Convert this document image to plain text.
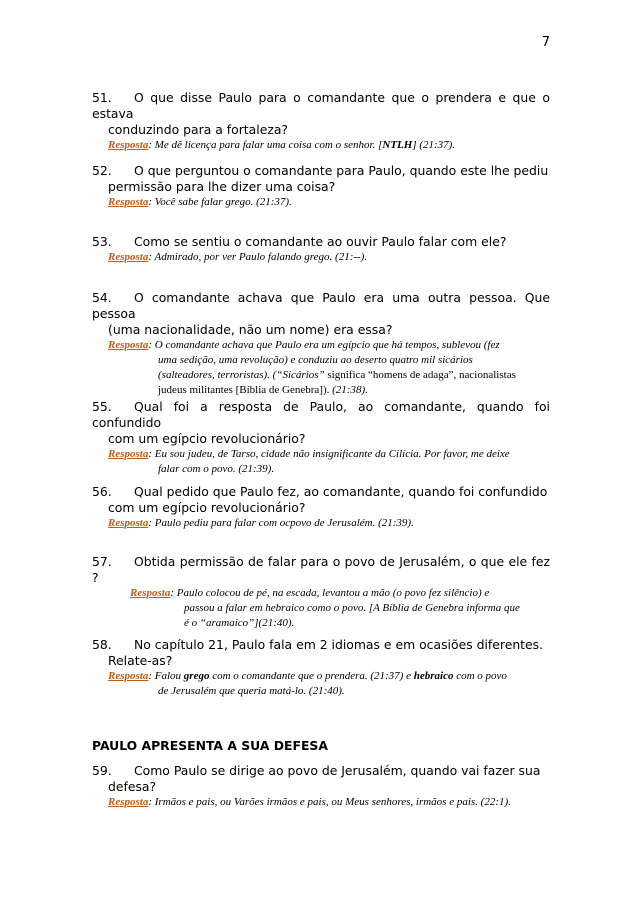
7
51. O que disse Paulo para o comandante que o prendera e que o estava
conduzindo para a fortaleza?
Resposta: Me dê licença para falar uma coisa com o senhor. [NTLH] (21:37).
52. O que perguntou o comandante para Paulo, quando este lhe pediu
permissão para lhe dizer uma coisa?
Resposta: Você sabe falar grego. (21:37).
53. Como se sentiu o comandante ao ouvir Paulo falar com ele?
Resposta: Admirado, por ver Paulo falando grego. (21:--).
54. O comandante achava que Paulo era uma outra pessoa. Que pessoa
(uma nacionalidade, não um nome) era essa?
Resposta: O comandante achava que Paulo era um egípcio que há tempos, sublevou (fez
uma sedição, uma revolução) e conduziu ao deserto quatro mil sicários
(salteadores, terroristas). (“Sicários” significa “homens de adaga”, nacionalistas
judeus militantes [Bíblia de Genebra]). (21:38).
55. Qual foi a resposta de Paulo, ao comandante, quando foi confundido
com um egípcio revolucionário?
Resposta: Eu sou judeu, de Tarso, cidade não insignificante da Cilícia. Por favor, me deixe
falar com o povo. (21:39).
56. Qual pedido que Paulo fez, ao comandante, quando foi confundido
com um egípcio revolucionário?
Resposta: Paulo pediu para falar com ocpovo de Jerusalém. (21:39).
57. Obtida permissão de falar para o povo de Jerusalém, o que ele fez ?
Resposta: Paulo colocou de pé, na escada, levantou a mão (o povo fez silêncio) e
passou a falar em hebraico como o povo. [A Bíblia de Genebra informa que
é o “aramaico”](21:40).
58. No capítulo 21, Paulo fala em 2 idiomas e em ocasiões diferentes.
Relate-as?
Resposta: Falou grego com o comandante que o prendera. (21:37) e hebraico com o povo
de Jerusalém que queria matá-lo. (21:40).
PAULO APRESENTA A SUA DEFESA
59. Como Paulo se dirige ao povo de Jerusalém, quando vai fazer sua
defesa?
Resposta: Irmãos e pais, ou Varões irmãos e pais, ou Meus senhores, irmãos e pais. (22:1).
